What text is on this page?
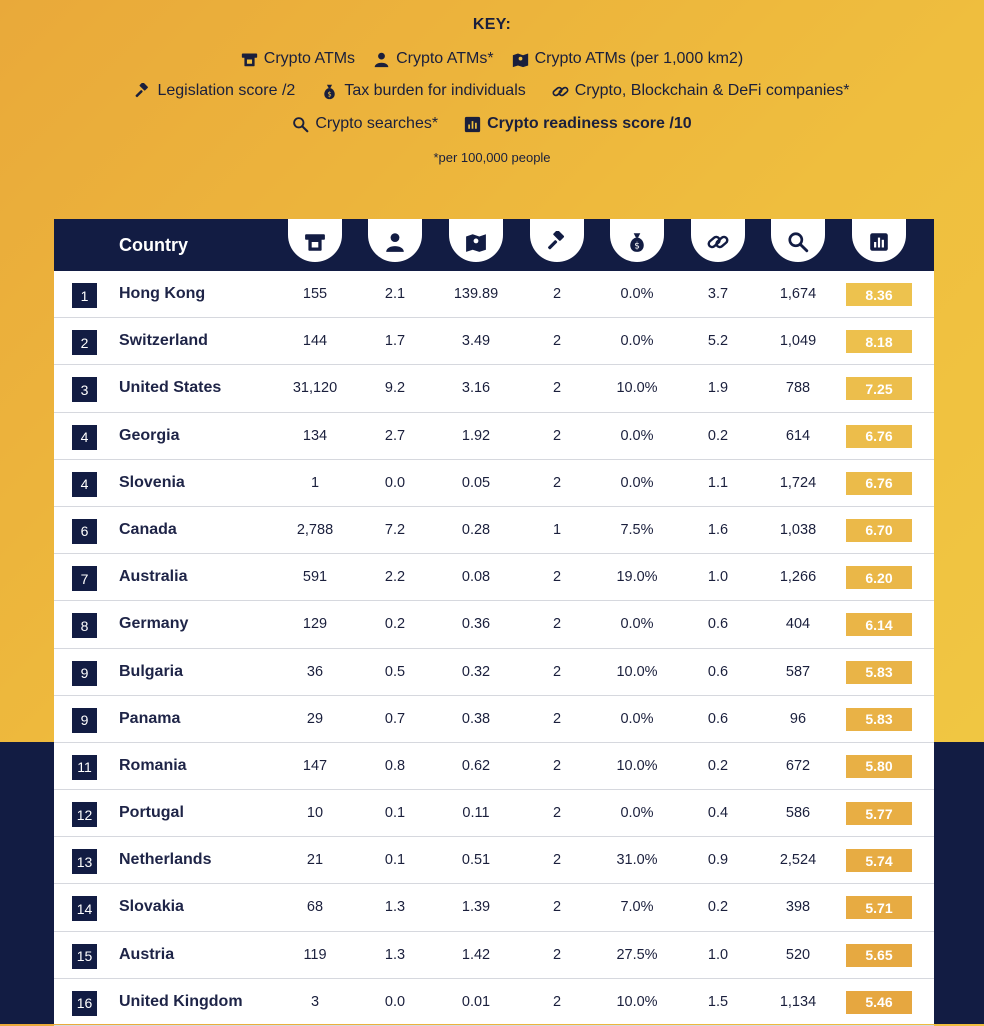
KEY:
Crypto ATMs	Crypto ATMs*	Crypto ATMs (per 1,000 km2)
Legislation score /2	$ Tax burden for individuals	Crypto, Blockchain & DeFi companies*
Crypto searches*	Crypto readiness score /10
*per 100,000 people
Country	$
1	Hong Kong	155	2.1	139.89	2	0.0%	3.7	1,674	8.36
2	Switzerland	144	1.7	3.49	2	0.0%	5.2	1,049	8.18
3	United States	31,120	9.2	3.16	2	10.0%	1.9	788	7.25
4	Georgia	134	2.7	1.92	2	0.0%	0.2	614	6.76
4	Slovenia	1	0.0	0.05	2	0.0%	1.1	1,724	6.76
6	Canada	2,788	7.2	0.28	1	7.5%	1.6	1,038	6.70
7	Australia	591	2.2	0.08	2	19.0%	1.0	1,266	6.20
8	Germany	129	0.2	0.36	2	0.0%	0.6	404	6.14
9	Bulgaria	36	0.5	0.32	2	10.0%	0.6	587	5.83
9	Panama	29	0.7	0.38	2	0.0%	0.6	96	5.83
11	Romania	147	0.8	0.62	2	10.0%	0.2	672	5.80
12 Portugal	10	0.1	0.11	2	0.0%	0.4	586	5.77
13 Netherlands	21	0.1	0.51	2	31.0%	0.9	2,524	5.74
14 Slovakia	68	1.3	1.39	2	7.0%	0.2	398	5.71
15 Austria	119	1.3	1.42	2	27.5%	1.0	520	5.65
16 United Kingdom	3	0.0	0.01	2	10.0%	1.5	1,134	5.46
